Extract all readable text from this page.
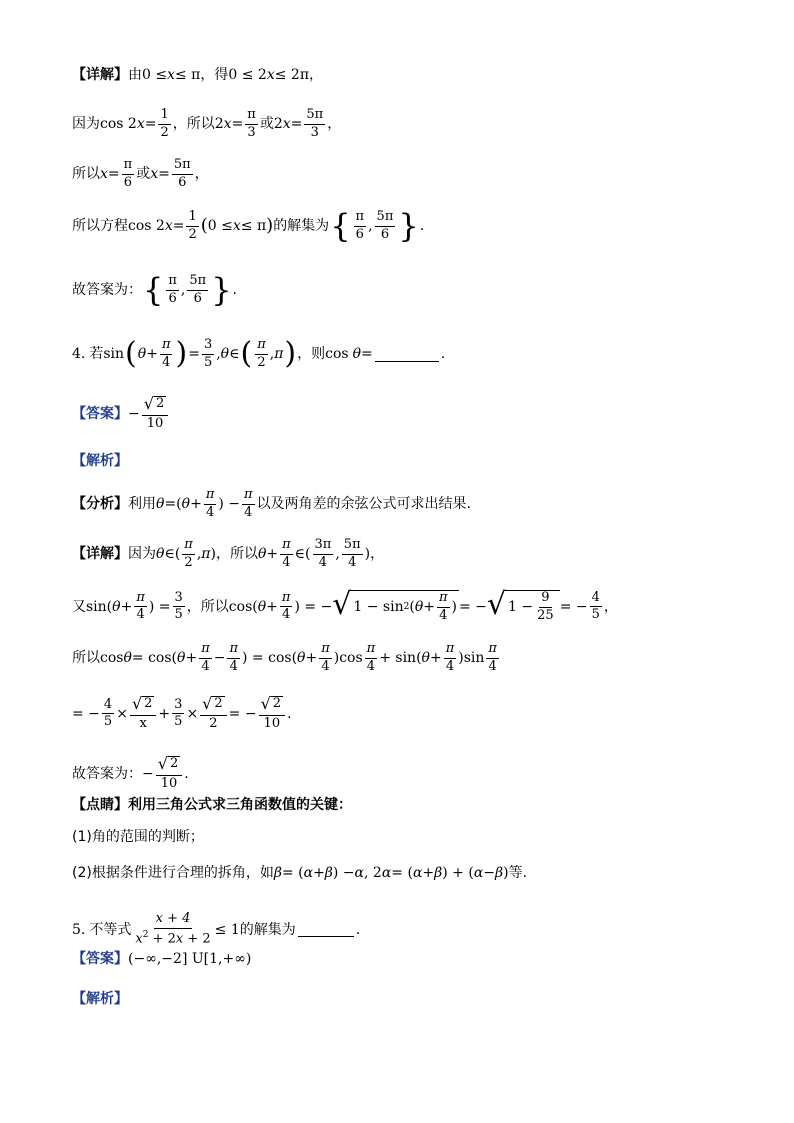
【详解】 由 0 ≤ x ≤ π ，得 0 ≤ 2 x ≤ 2π ，
因为 cos 2 $x = \frac{1}{2}$ ，所以 2 $x = \frac{\pi}{3}$ 或 2 $x = \frac{5\pi}{3}$ ，
所以 $x = \frac{\pi}{6}$ 或 $x = \frac{5\pi}{6}$ ，
所以方程 cos 2 $x = \frac{1}{2}$ ( 0 ≤ x ≤ π ) 的解集为 { $\frac{\pi}{6}$ , $\frac{5\pi}{6}$ } .
故答案为： { $\frac{\pi}{6}$ , $\frac{5\pi}{6}$ } .
4. 若 sin ( $\theta + \frac{\pi}{4}$ ) = $\frac{3}{5}$ , θ ∈ ( $\frac{\pi}{2}$ , π ) ，则 cos θ =	.
【答案】 − $\frac{√ 2}{10}$
【解析】
【分析】 利用 θ =( $\theta + \frac{\pi}{4}$ ) − $\frac{\pi}{4}$ 以及两角差的余弦公式可求出结果.
【详解】 因为 θ ∈ ( $\frac{\pi}{2}$ , π ) ，所以 $\theta + \frac{\pi}{4}$ ∈ ( $\frac{3\pi}{4}$ , $\frac{5\pi}{4}$ ) ，
又 sin( $\theta + \frac{\pi}{4}$ ) = $\frac{3}{5}$ ，所以 cos( $\theta + \frac{\pi}{4}$ ) = − √ 1 − sin 2 ( $\theta + \frac{\pi}{4}$ ) = − √ $1 - \frac{9}{25}$ = − $\frac{4}{5}$ ，
所以 cos θ = cos( $\theta + \frac{\pi}{4} - \frac{\pi}{4}$ ) = cos( $\theta + \frac{\pi}{4} )\cos \frac{\pi}{4} + \sin$( $\theta + \frac{\pi}{4} )\sin \frac{\pi}{4}$
= − $\frac{4}{5} \times \frac{√ 2}{x} + \frac{3}{5} \times \frac{√ 2}{2}$ = − $\frac{√ 2}{10}$ .
故答案为： − $\frac{√ 2}{10}$ .
【点睛】 利用三角公式求三角函数值的关键：
(1)角的范围的判断；
(2)根据条件进行合理的拆角，如 β = ( α + β ) − α , 2 α = ( α + β ) + ( α − β ) 等.
5. 不等式 $\frac{x + 4}{x^2 + 2x + 2} \le 1$ 的解集为	.
【答案】 (−∞,−2] U[1,+∞)
【解析】
